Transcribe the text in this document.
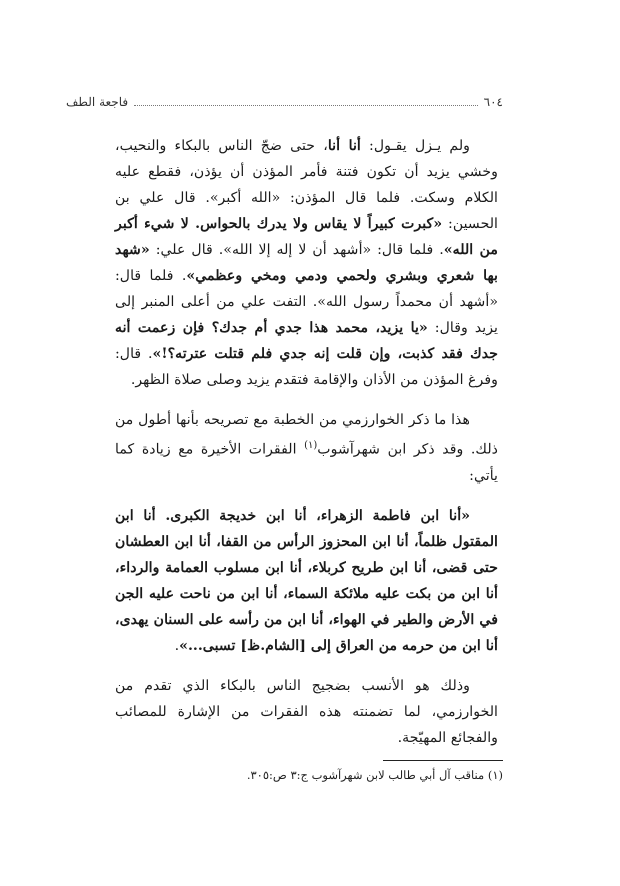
٦٠٤
فاجعة الطف

ولم يـزل يقـول: أنا أنا، حتى ضجّ الناس بالبكاء والنحيب، وخشي يزيد أن تكون فتنة فأمر المؤذن أن يؤذن، فقطع عليه الكلام وسكت. فلما قال المؤذن: «الله أكبر». قال علي بن الحسين: «كبرت كبيراً لا يقاس ولا يدرك بالحواس. لا شيء أكبر من الله». فلما قال: «أشهد أن لا إله إلا الله». قال علي: «شهد بها شعري وبشري ولحمي ودمي ومخي وعظمي». فلما قال: «أشهد أن محمداً رسول الله». التفت علي من أعلى المنبر إلى يزيد وقال: «يا يزيد، محمد هذا جدي أم جدك؟ فإن زعمت أنه جدك فقد كذبت، وإن قلت إنه جدي فلم قتلت عترته؟!». قال: وفرغ المؤذن من الأذان والإقامة فتقدم يزيد وصلى صلاة الظهر.

هذا ما ذكر الخوارزمي من الخطبة مع تصريحه بأنها أطول من ذلك. وقد ذكر ابن شهرآشوب$^{(١)}$ الفقرات الأخيرة مع زيادة كما يأتي:

«أنا ابن فاطمة الزهراء، أنا ابن خديجة الكبرى. أنا ابن المقتول ظلماً، أنا ابن المحزوز الرأس من القفا، أنا ابن العطشان حتى قضى، أنا ابن طريح كربلاء، أنا ابن مسلوب العمامة والرداء، أنا ابن من بكت عليه ملائكة السماء، أنا ابن من ناحت عليه الجن في الأرض والطير في الهواء، أنا ابن من رأسه على السنان يهدى، أنا ابن من حرمه من العراق إلى [الشام.ظ] تسبى...».

وذلك هو الأنسب بضجيج الناس بالبكاء الذي تقدم من الخوارزمي، لما تضمنته هذه الفقرات من الإشارة للمصائب والفجائع المهيّجة.

(١) مناقب آل أبي طالب لابن شهرآشوب ج:٣ ص:٣٠٥.
